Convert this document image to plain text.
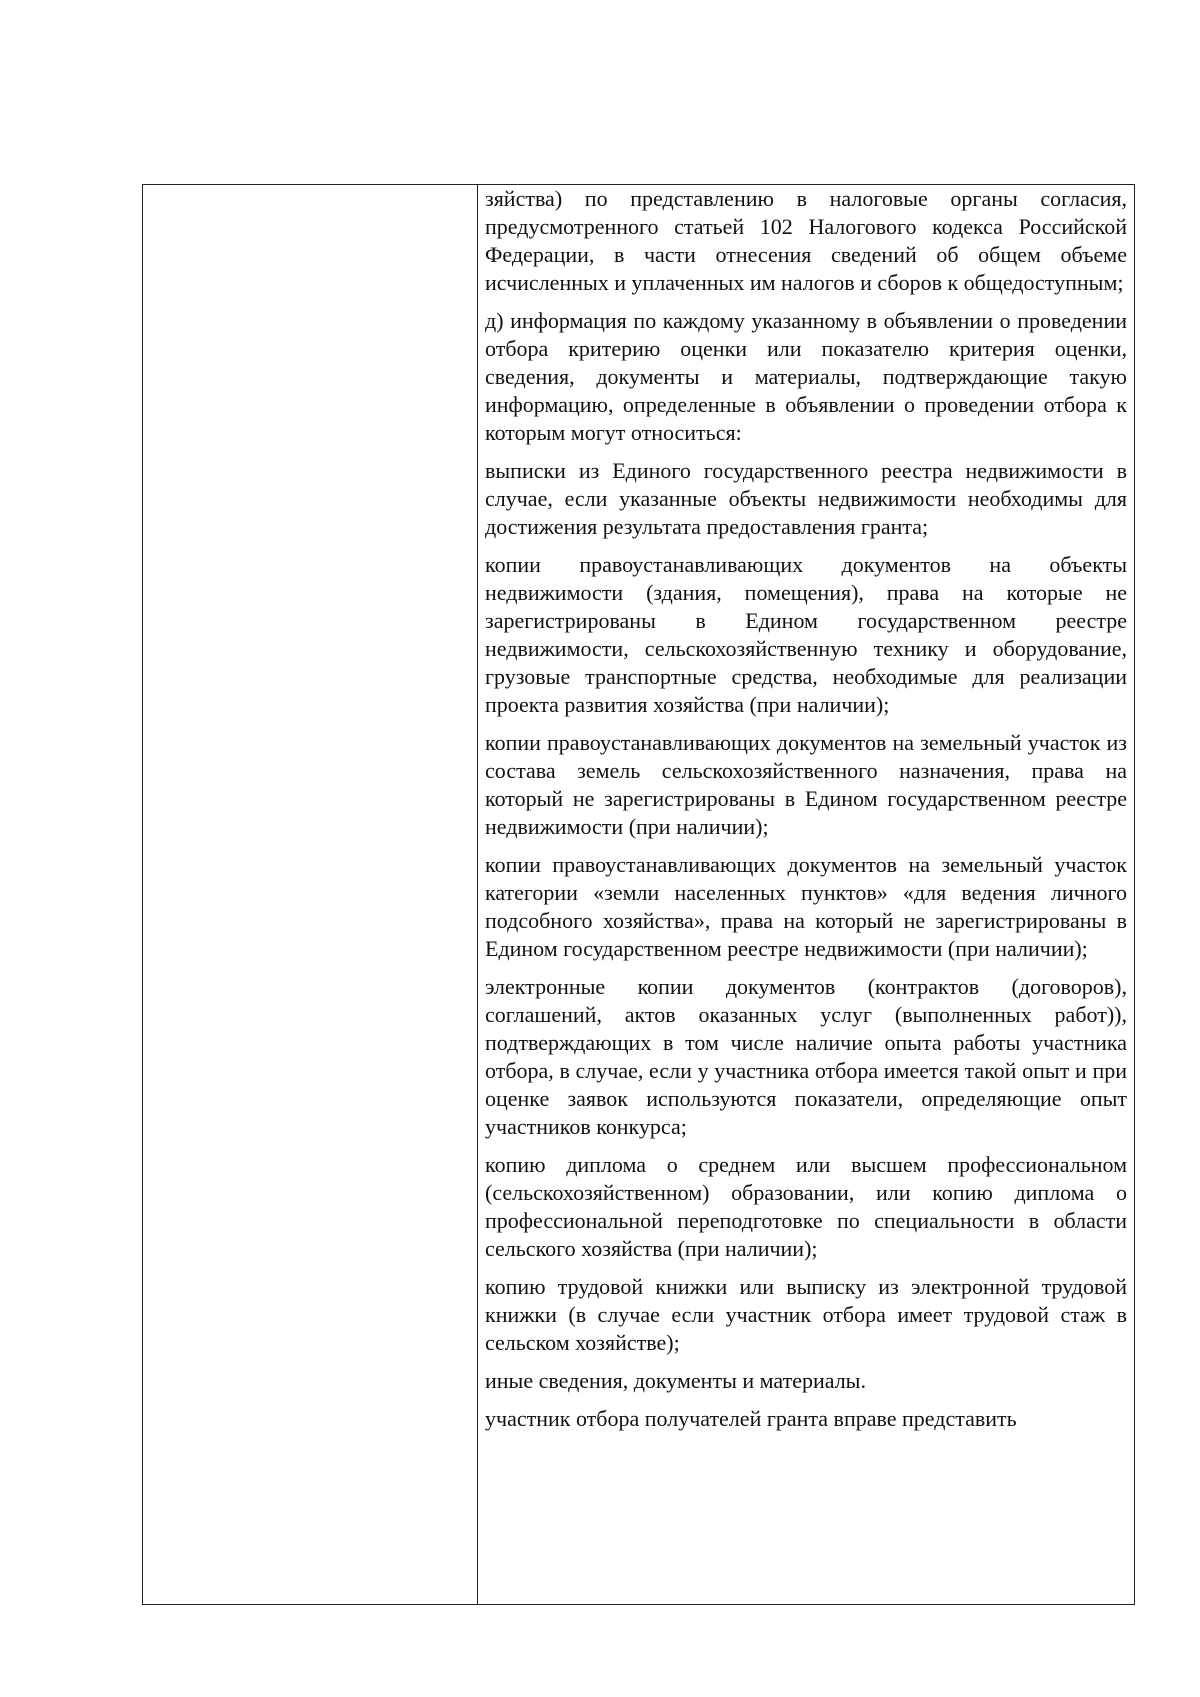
зяйства) по представлению в налоговые органы согласия, предусмотренного статьей 102 Налогового кодекса Российской Федерации, в части отнесения сведений об общем объеме исчисленных и уплаченных им налогов и сборов к общедоступным;

д) информация по каждому указанному в объявлении о проведении отбора критерию оценки или показателю критерия оценки, сведения, документы и материалы, подтверждающие такую информацию, определенные в объявлении о проведении отбора к которым могут относиться:

выписки из Единого государственного реестра недвижимости в случае, если указанные объекты недвижимости необходимы для достижения результата предоставления гранта;

копии правоустанавливающих документов на объекты недвижимости (здания, помещения), права на которые не зарегистрированы в Едином государственном реестре недвижимости, сельскохозяйственную технику и оборудование, грузовые транспортные средства, необходимые для реализации проекта развития хозяйства (при наличии);

копии правоустанавливающих документов на земельный участок из состава земель сельскохозяйственного назначения, права на который не зарегистрированы в Едином государственном реестре недвижимости (при наличии);

копии правоустанавливающих документов на земельный участок категории «земли населенных пунктов» «для ведения личного подсобного хозяйства», права на который не зарегистрированы в Едином государственном реестре недвижимости (при наличии);

электронные копии документов (контрактов (договоров), соглашений, актов оказанных услуг (выполненных работ)), подтверждающих в том числе наличие опыта работы участника отбора, в случае, если у участника отбора имеется такой опыт и при оценке заявок используются показатели, определяющие опыт участников конкурса;

копию диплома о среднем или высшем профессиональном (сельскохозяйственном) образовании, или копию диплома о профессиональной переподготовке по специальности в области сельского хозяйства (при наличии);

копию трудовой книжки или выписку из электронной трудовой книжки (в случае если участник отбора имеет трудовой стаж в сельском хозяйстве);

иные сведения, документы и материалы.

участник отбора получателей гранта вправе представить
